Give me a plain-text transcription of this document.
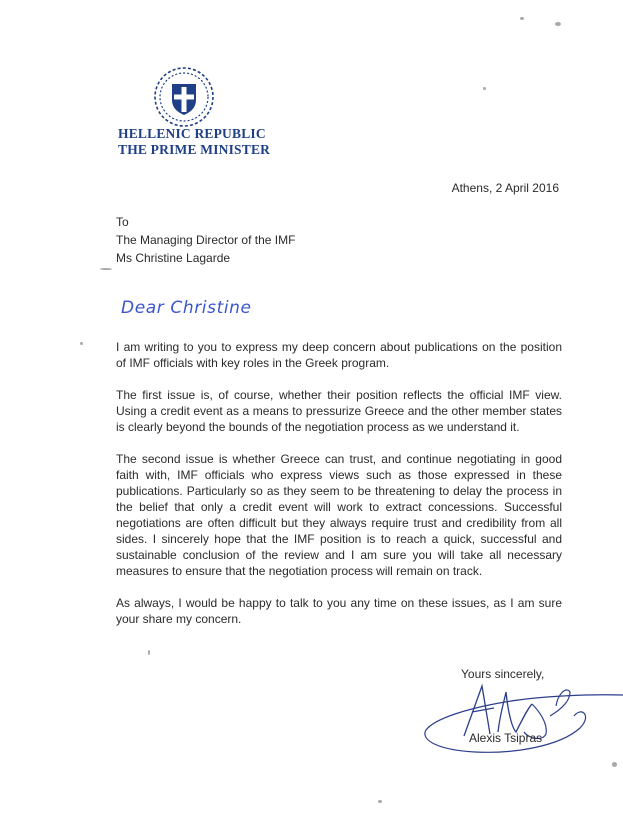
HELLENIC REPUBLIC
THE PRIME MINISTER
Athens, 2 April 2016
To
The Managing Director of the IMF
Ms Christine Lagarde
Dear Christine

I am writing to you to express my deep concern about publications on the position of IMF officials with key roles in the Greek program.

The first issue is, of course, whether their position reflects the official IMF view. Using a credit event as a means to pressurize Greece and the other member states is clearly beyond the bounds of the negotiation process as we understand it.

The second issue is whether Greece can trust, and continue negotiating in good faith with, IMF officials who express views such as those expressed in these publications. Particularly so as they seem to be threatening to delay the process in the belief that only a credit event will work to extract concessions. Successful negotiations are often difficult but they always require trust and credibility from all sides. I sincerely hope that the IMF position is to reach a quick, successful and sustainable conclusion of the review and I am sure you will take all necessary measures to ensure that the negotiation process will remain on track.

As always, I would be happy to talk to you any time on these issues, as I am sure your share my concern.

Yours sincerely,
Alexis Tsipras
